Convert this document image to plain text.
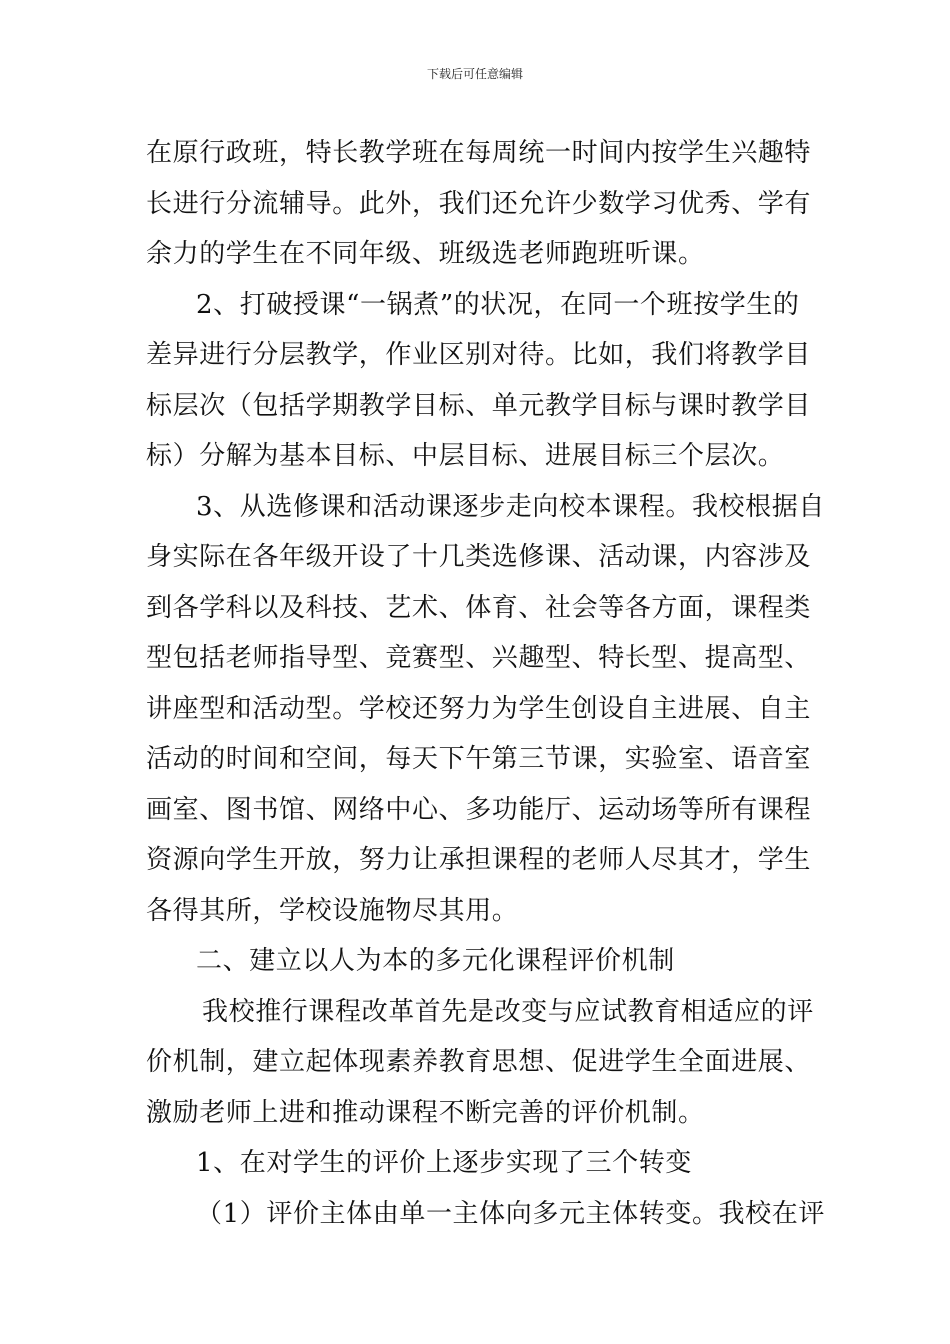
下载后可任意编辑
在原行政班，特长教学班在每周统一时间内按学生兴趣特
长进行分流辅导。此外，我们还允许少数学习优秀、学有
余力的学生在不同年级、班级选老师跑班听课。
2、打破授课“一锅煮”的状况，在同一个班按学生的
差异进行分层教学，作业区别对待。比如，我们将教学目
标层次（包括学期教学目标、单元教学目标与课时教学目
标）分解为基本目标、中层目标、进展目标三个层次。
3、从选修课和活动课逐步走向校本课程。我校根据自
身实际在各年级开设了十几类选修课、活动课，内容涉及
到各学科以及科技、艺术、体育、社会等各方面，课程类
型包括老师指导型、竞赛型、兴趣型、特长型、提高型、
讲座型和活动型。学校还努力为学生创设自主进展、自主
活动的时间和空间，每天下午第三节课，实验室、语音室
画室、图书馆、网络中心、多功能厅、运动场等所有课程
资源向学生开放，努力让承担课程的老师人尽其才，学生
各得其所，学校设施物尽其用。
二、建立以人为本的多元化课程评价机制
我校推行课程改革首先是改变与应试教育相适应的评
价机制，建立起体现素养教育思想、促进学生全面进展、
激励老师上进和推动课程不断完善的评价机制。
1、在对学生的评价上逐步实现了三个转变
（1）评价主体由单一主体向多元主体转变。我校在评
